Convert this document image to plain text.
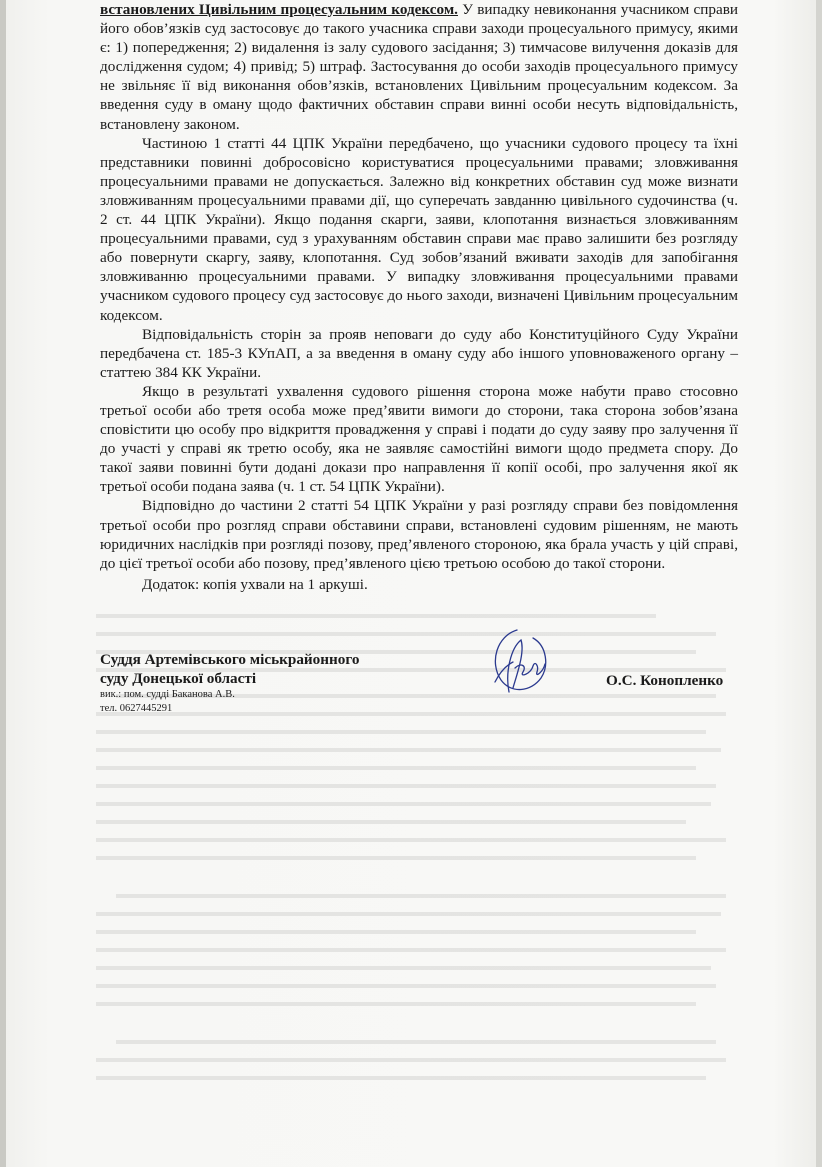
встановлених Цивільним процесуальним кодексом. У випадку невиконання учасником справи його обов’язків суд застосовує до такого учасника справи заходи процесуального примусу, якими є: 1) попередження; 2) видалення із залу судового засідання; 3) тимчасове вилучення доказів для дослідження судом; 4) привід; 5) штраф. Застосування до особи заходів процесуального примусу не звільняє її від виконання обов’язків, встановлених Цивільним процесуальним кодексом. За введення суду в оману щодо фактичних обставин справи винні особи несуть відповідальність, встановлену законом.

Частиною 1 статті 44 ЦПК України передбачено, що учасники судового процесу та їхні представники повинні добросовісно користуватися процесуальними правами; зловживання процесуальними правами не допускається. Залежно від конкретних обставин суд може визнати зловживанням процесуальними правами дії, що суперечать завданню цивільного судочинства (ч. 2 ст. 44 ЦПК України). Якщо подання скарги, заяви, клопотання визнається зловживанням процесуальними правами, суд з урахуванням обставин справи має право залишити без розгляду або повернути скаргу, заяву, клопотання. Суд зобов’язаний вживати заходів для запобігання зловживанню процесуальними правами. У випадку зловживання процесуальними правами учасником судового процесу суд застосовує до нього заходи, визначені Цивільним процесуальним кодексом.

Відповідальність сторін за прояв неповаги до суду або Конституційного Суду України передбачена ст. 185-3 КУпАП, а за введення в оману суду або іншого уповноваженого органу – статтею 384 КК України.

Якщо в результаті ухвалення судового рішення сторона може набути право стосовно третьої особи або третя особа може пред’явити вимоги до сторони, така сторона зобов’язана сповістити цю особу про відкриття провадження у справі і подати до суду заяву про залучення її до участі у справі як третю особу, яка не заявляє самостійні вимоги щодо предмета спору. До такої заяви повинні бути додані докази про направлення її копії особі, про залучення якої як третьої особи подана заява (ч. 1 ст. 54 ЦПК України).

Відповідно до частини 2 статті 54 ЦПК України у разі розгляду справи без повідомлення третьої особи про розгляд справи обставини справи, встановлені судовим рішенням, не мають юридичних наслідків при розгляді позову, пред’явленого стороною, яка брала участь у цій справі, до цієї третьої особи або позову, пред’явленого цією третьою особою до такої сторони.

Додаток: копія ухвали на 1 аркуші.

Суддя Артемівського міськрайонного
суду Донецької області
вик.: пом. судді Баканова А.В.
тел. 0627445291
О.С. Конопленко
